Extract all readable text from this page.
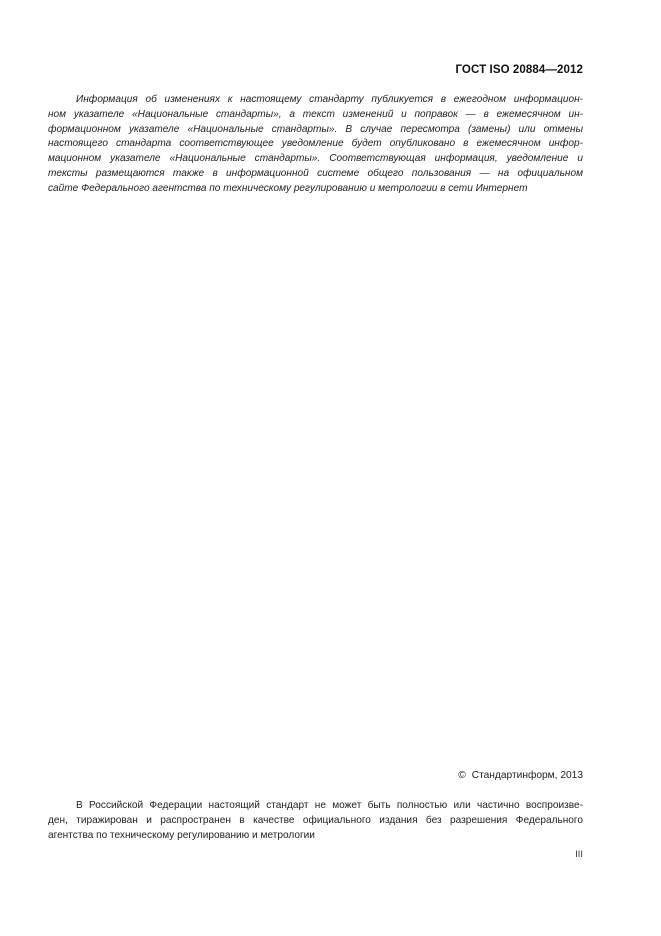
ГОСТ ISO 20884—2012
Информация об изменениях к настоящему стандарту публикуется в ежегодном информацион-
ном указателе «Национальные стандарты», а текст изменений и поправок — в ежемесячном ин-
формационном указателе «Национальные стандарты». В случае пересмотра (замены) или отмены
настоящего стандарта соответствующее уведомление будет опубликовано в ежемесячном инфор-
мационном указателе «Национальные стандарты». Соответствующая информация, уведомление и
тексты размещаются также в информационной системе общего пользования — на официальном
сайте Федерального агентства по техническому регулированию и метрологии в сети Интернет
© Стандартинформ, 2013
В Российской Федерации настоящий стандарт не может быть полностью или частично воспроизве-
ден, тиражирован и распространен в качестве официального издания без разрешения Федерального
агентства по техническому регулированию и метрологии
III
